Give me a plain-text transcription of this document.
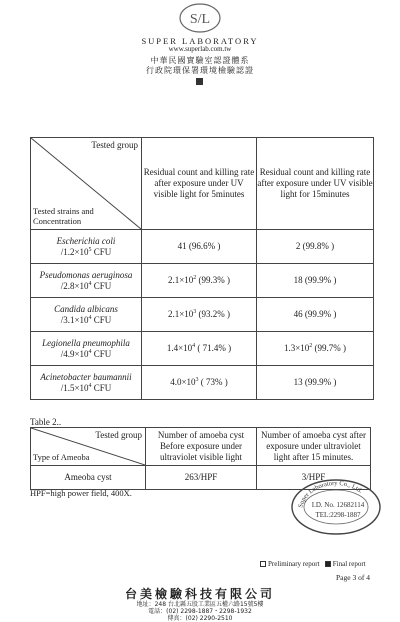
S/L
SUPER LABORATORY
www.superlab.com.tw
中華民國實驗室認證體系
行政院環保署環境檢驗認證
Tested group
Tested strains and
Concentration	Residual count and killing rate after exposure under UV visible light for 5minutes	Residual count and killing rate after exposure under UV visible light for 15minutes
Escherichia coli
$/1.2\times 10^5$ CFU	41 (96.6% )	2 (99.8% )
Pseudomonas aeruginosa
$/2.8\times 10^4$ CFU	$2.1\times 10^2$ (99.3% )	18 (99.9% )
Candida albicans
$/3.1\times 10^4$ CFU	$2.1\times 10^3$ (93.2% )	46 (99.9% )
Legionella pneumophila
$/4.9\times 10^4$ CFU	$1.4\times 10^4$ ( 71.4% )	$1.3\times 10^2$ (99.7% )
Acinetobacter baumannii
$/1.5\times 10^4$ CFU	$4.0\times 10^3$ ( 73% )	13 (99.9% )
Table 2..
Tested group
Type of Ameoba	Number of amoeba cyst Before exposure under ultraviolet visible light	Number of amoeba cyst after exposure under ultraviolet light after 15 minutes.
Ameoba cyst	263/HPF	3/HPF
HPF=high power field, 400X.
Super Laboratory Co., Ltd.
I.D. No. 12682114
TEL:2298-1887
Preliminary report Final report
Page 3 of 4
台美檢驗科技有限公司
地址：248 台北縣五股工業區五權六路15號5樓
電話：(02) 2298-1887・2298-1932
傳真：(02) 2290-2510
